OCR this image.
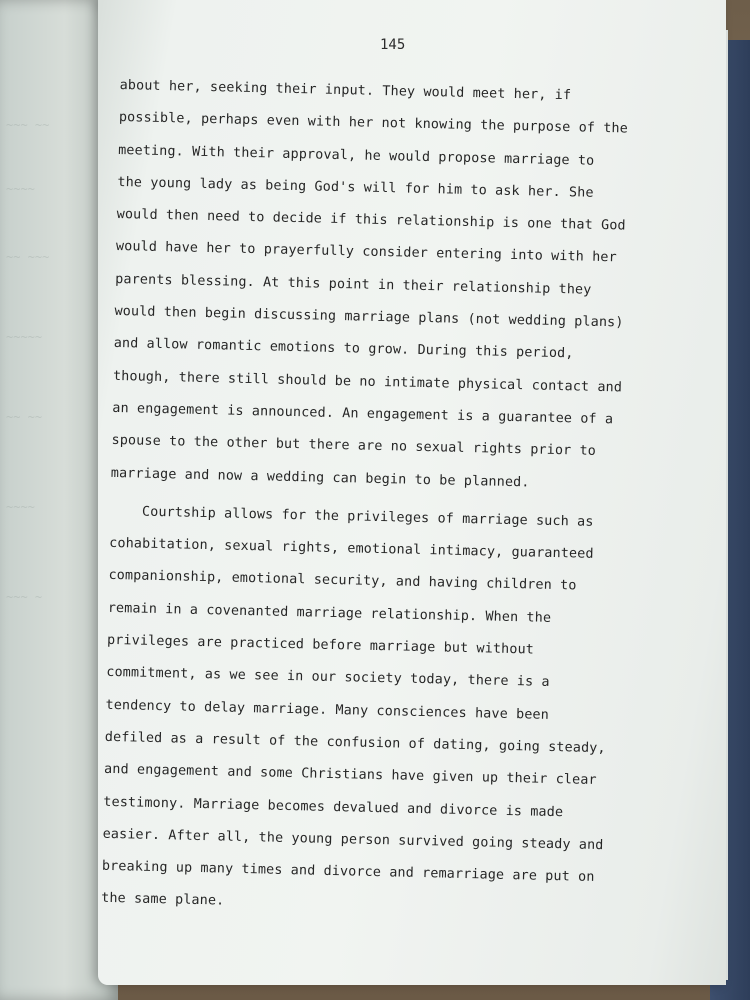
~~~ ~~
~~~~
~~ ~~~
~~~~~
~~ ~~
~~~~
~~~ ~
145
about her, seeking their input. They would meet her, if
possible, perhaps even with her not knowing the purpose of the
meeting. With their approval, he would propose marriage to
the young lady as being God's will for him to ask her. She
would then need to decide if this relationship is one that God
would have her to prayerfully consider entering into with her
parents blessing. At this point in their relationship they
would then begin discussing marriage plans (not wedding plans)
and allow romantic emotions to grow. During this period,
though, there still should be no intimate physical contact and
an engagement is announced. An engagement is a guarantee of a
spouse to the other but there are no sexual rights prior to
marriage and now a wedding can begin to be planned.
Courtship allows for the privileges of marriage such as
cohabitation, sexual rights, emotional intimacy, guaranteed
companionship, emotional security, and having children to
remain in a covenanted marriage relationship. When the
privileges are practiced before marriage but without
commitment, as we see in our society today, there is a
tendency to delay marriage. Many consciences have been
defiled as a result of the confusion of dating, going steady,
and engagement and some Christians have given up their clear
testimony. Marriage becomes devalued and divorce is made
easier. After all, the young person survived going steady and
breaking up many times and divorce and remarriage are put on
the same plane.
